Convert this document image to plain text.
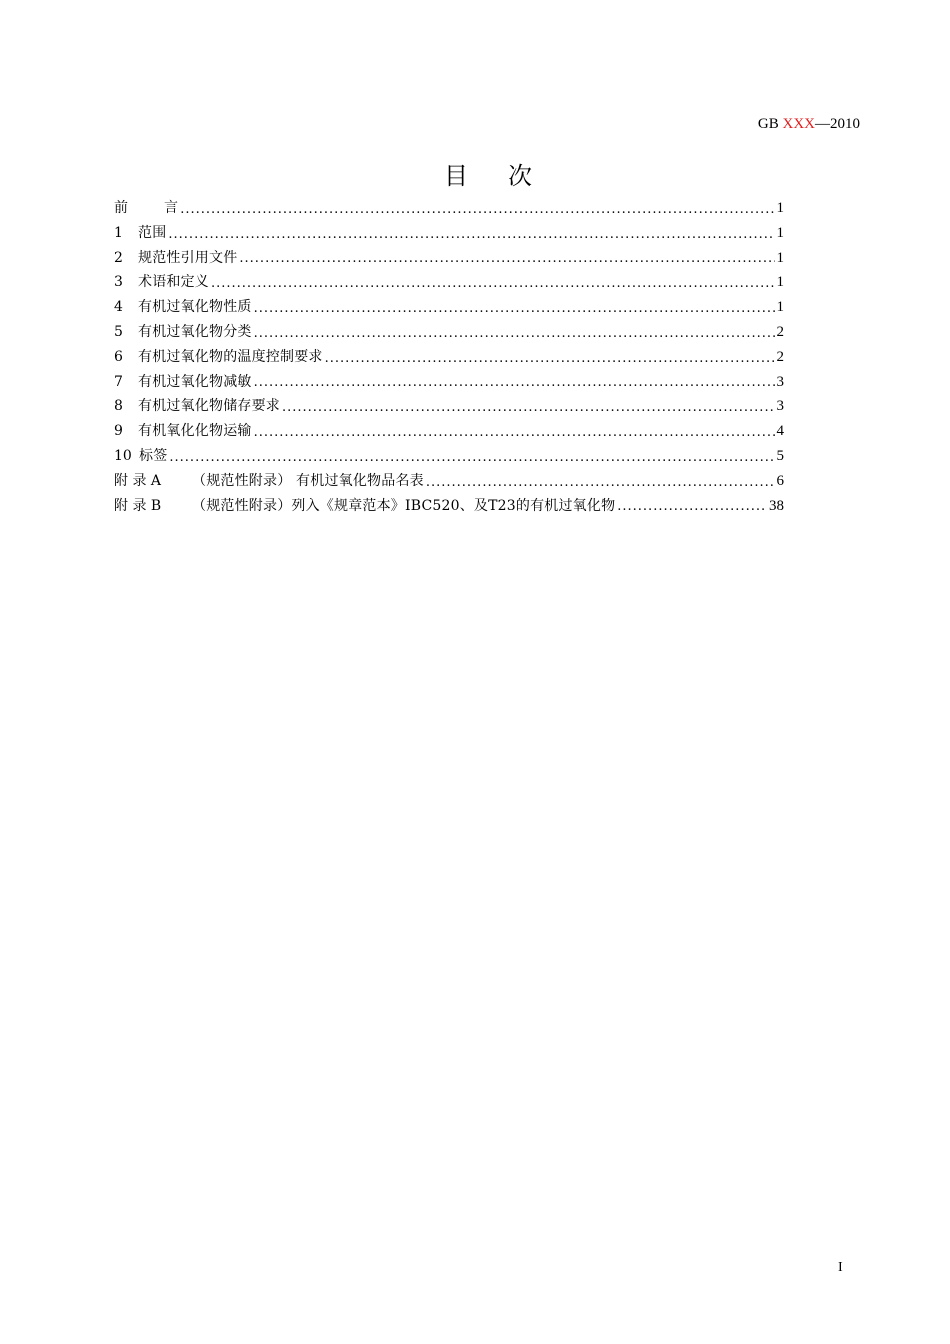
GB XXX—2010
目 次
前	言 .....	1
1	范围 .....	1
2	规范性引用文件 .....	1
3	术语和定义 .....	1
4	有机过氧化物性质 .....	1
5	有机过氧化物分类 .....	2
6	有机过氧化物的温度控制要求 .....	2
7	有机过氧化物减敏 .....	3
8	有机过氧化物储存要求 .....	3
9	有机氧化化物运输 .....	4
10 标签 .....	5
附 录 A	（规范性附录） 有机过氧化物品名表 .....	6
附 录 B	（规范性附录）列入《规章范本》IBC520、及T23的有机过氧化物 .....	38
I
